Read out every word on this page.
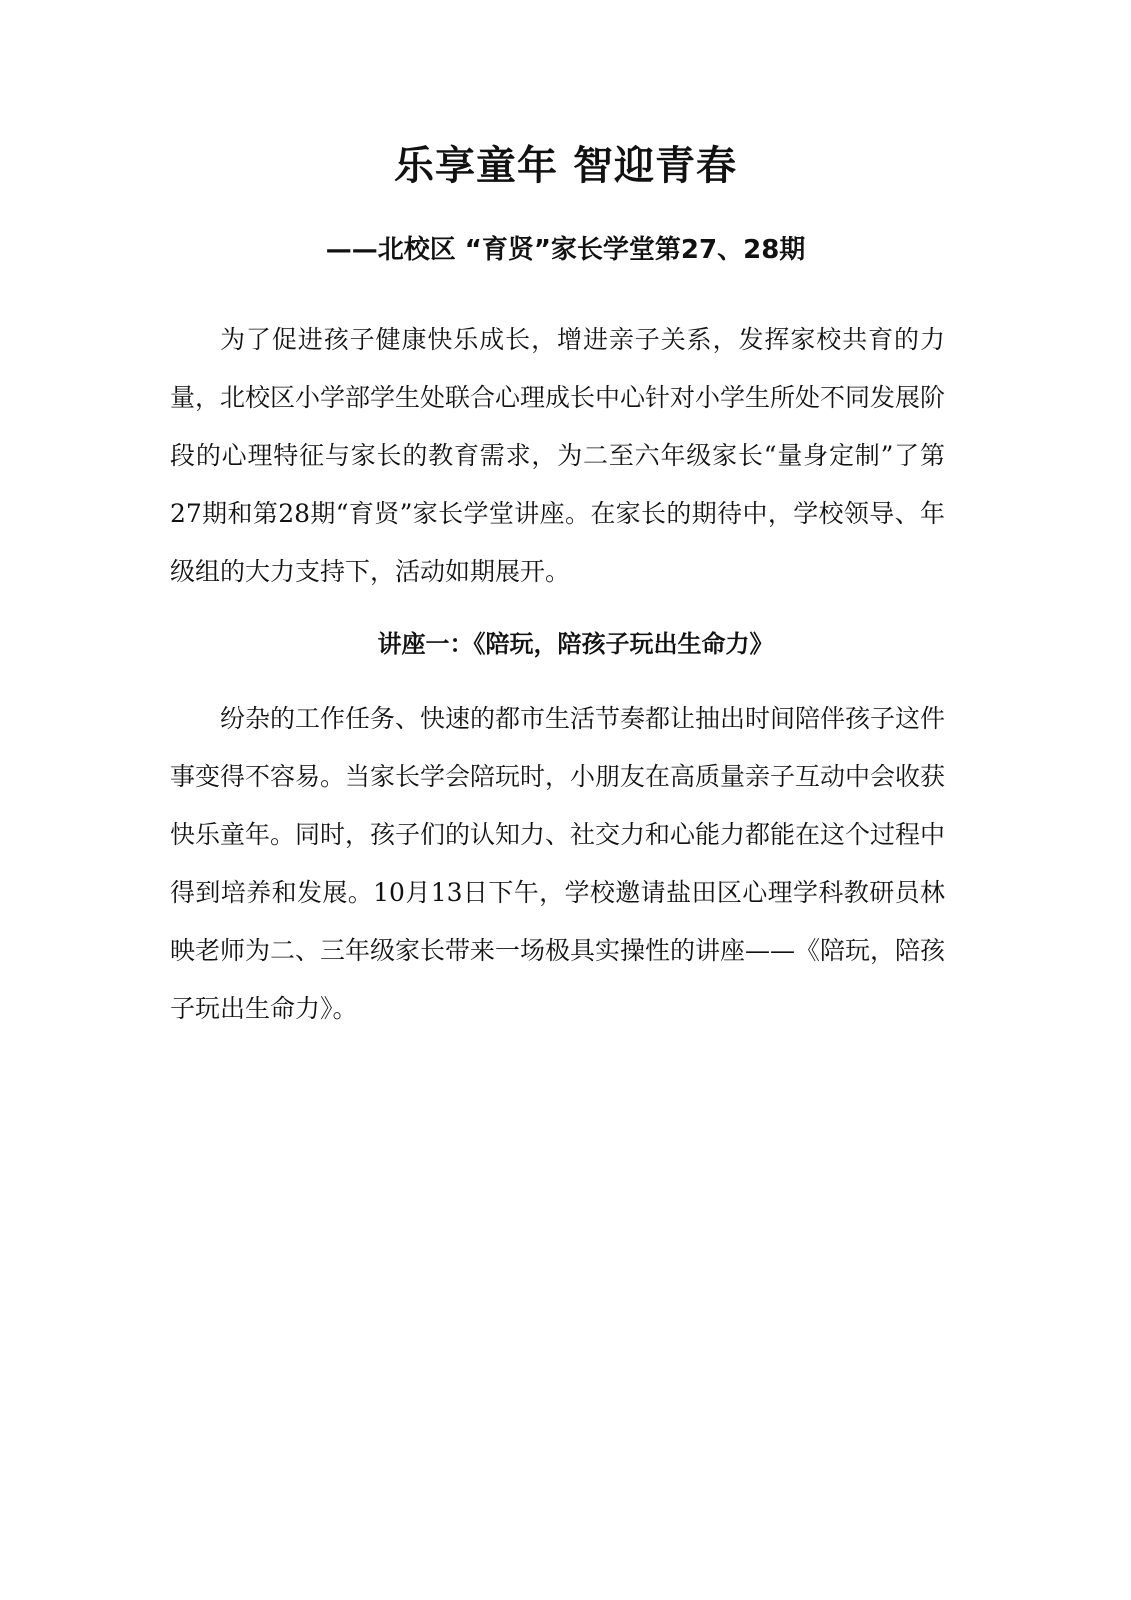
乐享童年 智迎青春
——北校区 “育贤”家长学堂第27、28期

为了促进孩子健康快乐成长，增进亲子关系，发挥家校共育的力量，北校区小学部学生处联合心理成长中心针对小学生所处不同发展阶段的心理特征与家长的教育需求，为二至六年级家长“量身定制”了第27期和第28期“育贤”家长学堂讲座。在家长的期待中，学校领导、年级组的大力支持下，活动如期展开。

讲座一：《陪玩，陪孩子玩出生命力》

纷杂的工作任务、快速的都市生活节奏都让抽出时间陪伴孩子这件事变得不容易。当家长学会陪玩时，小朋友在高质量亲子互动中会收获快乐童年。同时，孩子们的认知力、社交力和心能力都能在这个过程中得到培养和发展。10月13日下午，学校邀请盐田区心理学科教研员林映老师为二、三年级家长带来一场极具实操性的讲座——《陪玩，陪孩子玩出生命力》。
